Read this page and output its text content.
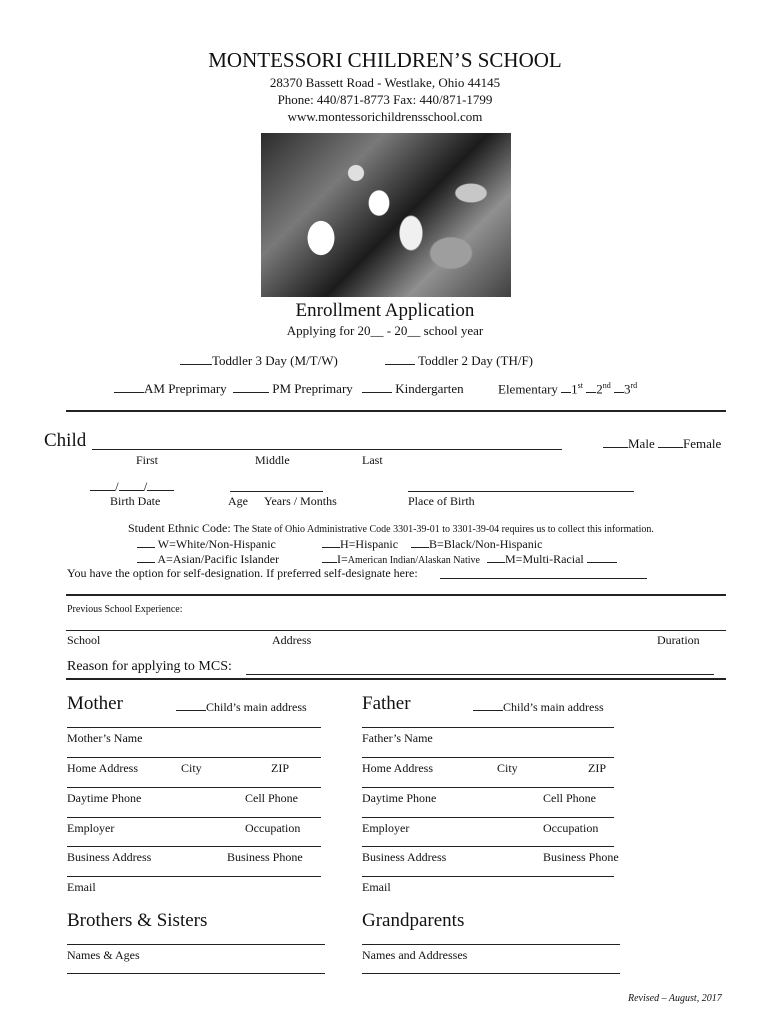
MONTESSORI CHILDREN’S SCHOOL
28370 Bassett Road - Westlake, Ohio 44145
Phone: 440/871-8773 Fax: 440/871-1799
www.montessorichildrensschool.com
Enrollment Application
Applying for 20__ - 20__ school year
Toddler 3 Day (M/T/W)	Toddler 2 Day (TH/F)
AM Preprimary	PM Preprimary	Kindergarten	Elementary 1st 2nd 3rd
Child	Male Female
First	Middle	Last
/ /
Birth Date	Age Years / Months	Place of Birth
Student Ethnic Code: The State of Ohio Administrative Code 3301-39-01 to 3301-39-04 requires us to collect this information.
W=White/Non-Hispanic	H=Hispanic	B=Black/Non-Hispanic
A=Asian/Pacific Islander	I=American Indian/Alaskan Native	M=Multi-Racial
You have the option for self-designation. If preferred self-designate here:
Previous School Experience:
School	Address	Duration
Reason for applying to MCS:
Mother	Child’s main address
Mother’s Name
Home Address	City	ZIP
Daytime Phone	Cell Phone
Employer	Occupation
Business Address	Business Phone
Email
Father	Child’s main address
Father’s Name
Home Address	City	ZIP
Daytime Phone	Cell Phone
Employer	Occupation
Business Address	Business Phone
Email
Brothers & Sisters
Names & Ages
Grandparents
Names and Addresses
Revised – August, 2017
